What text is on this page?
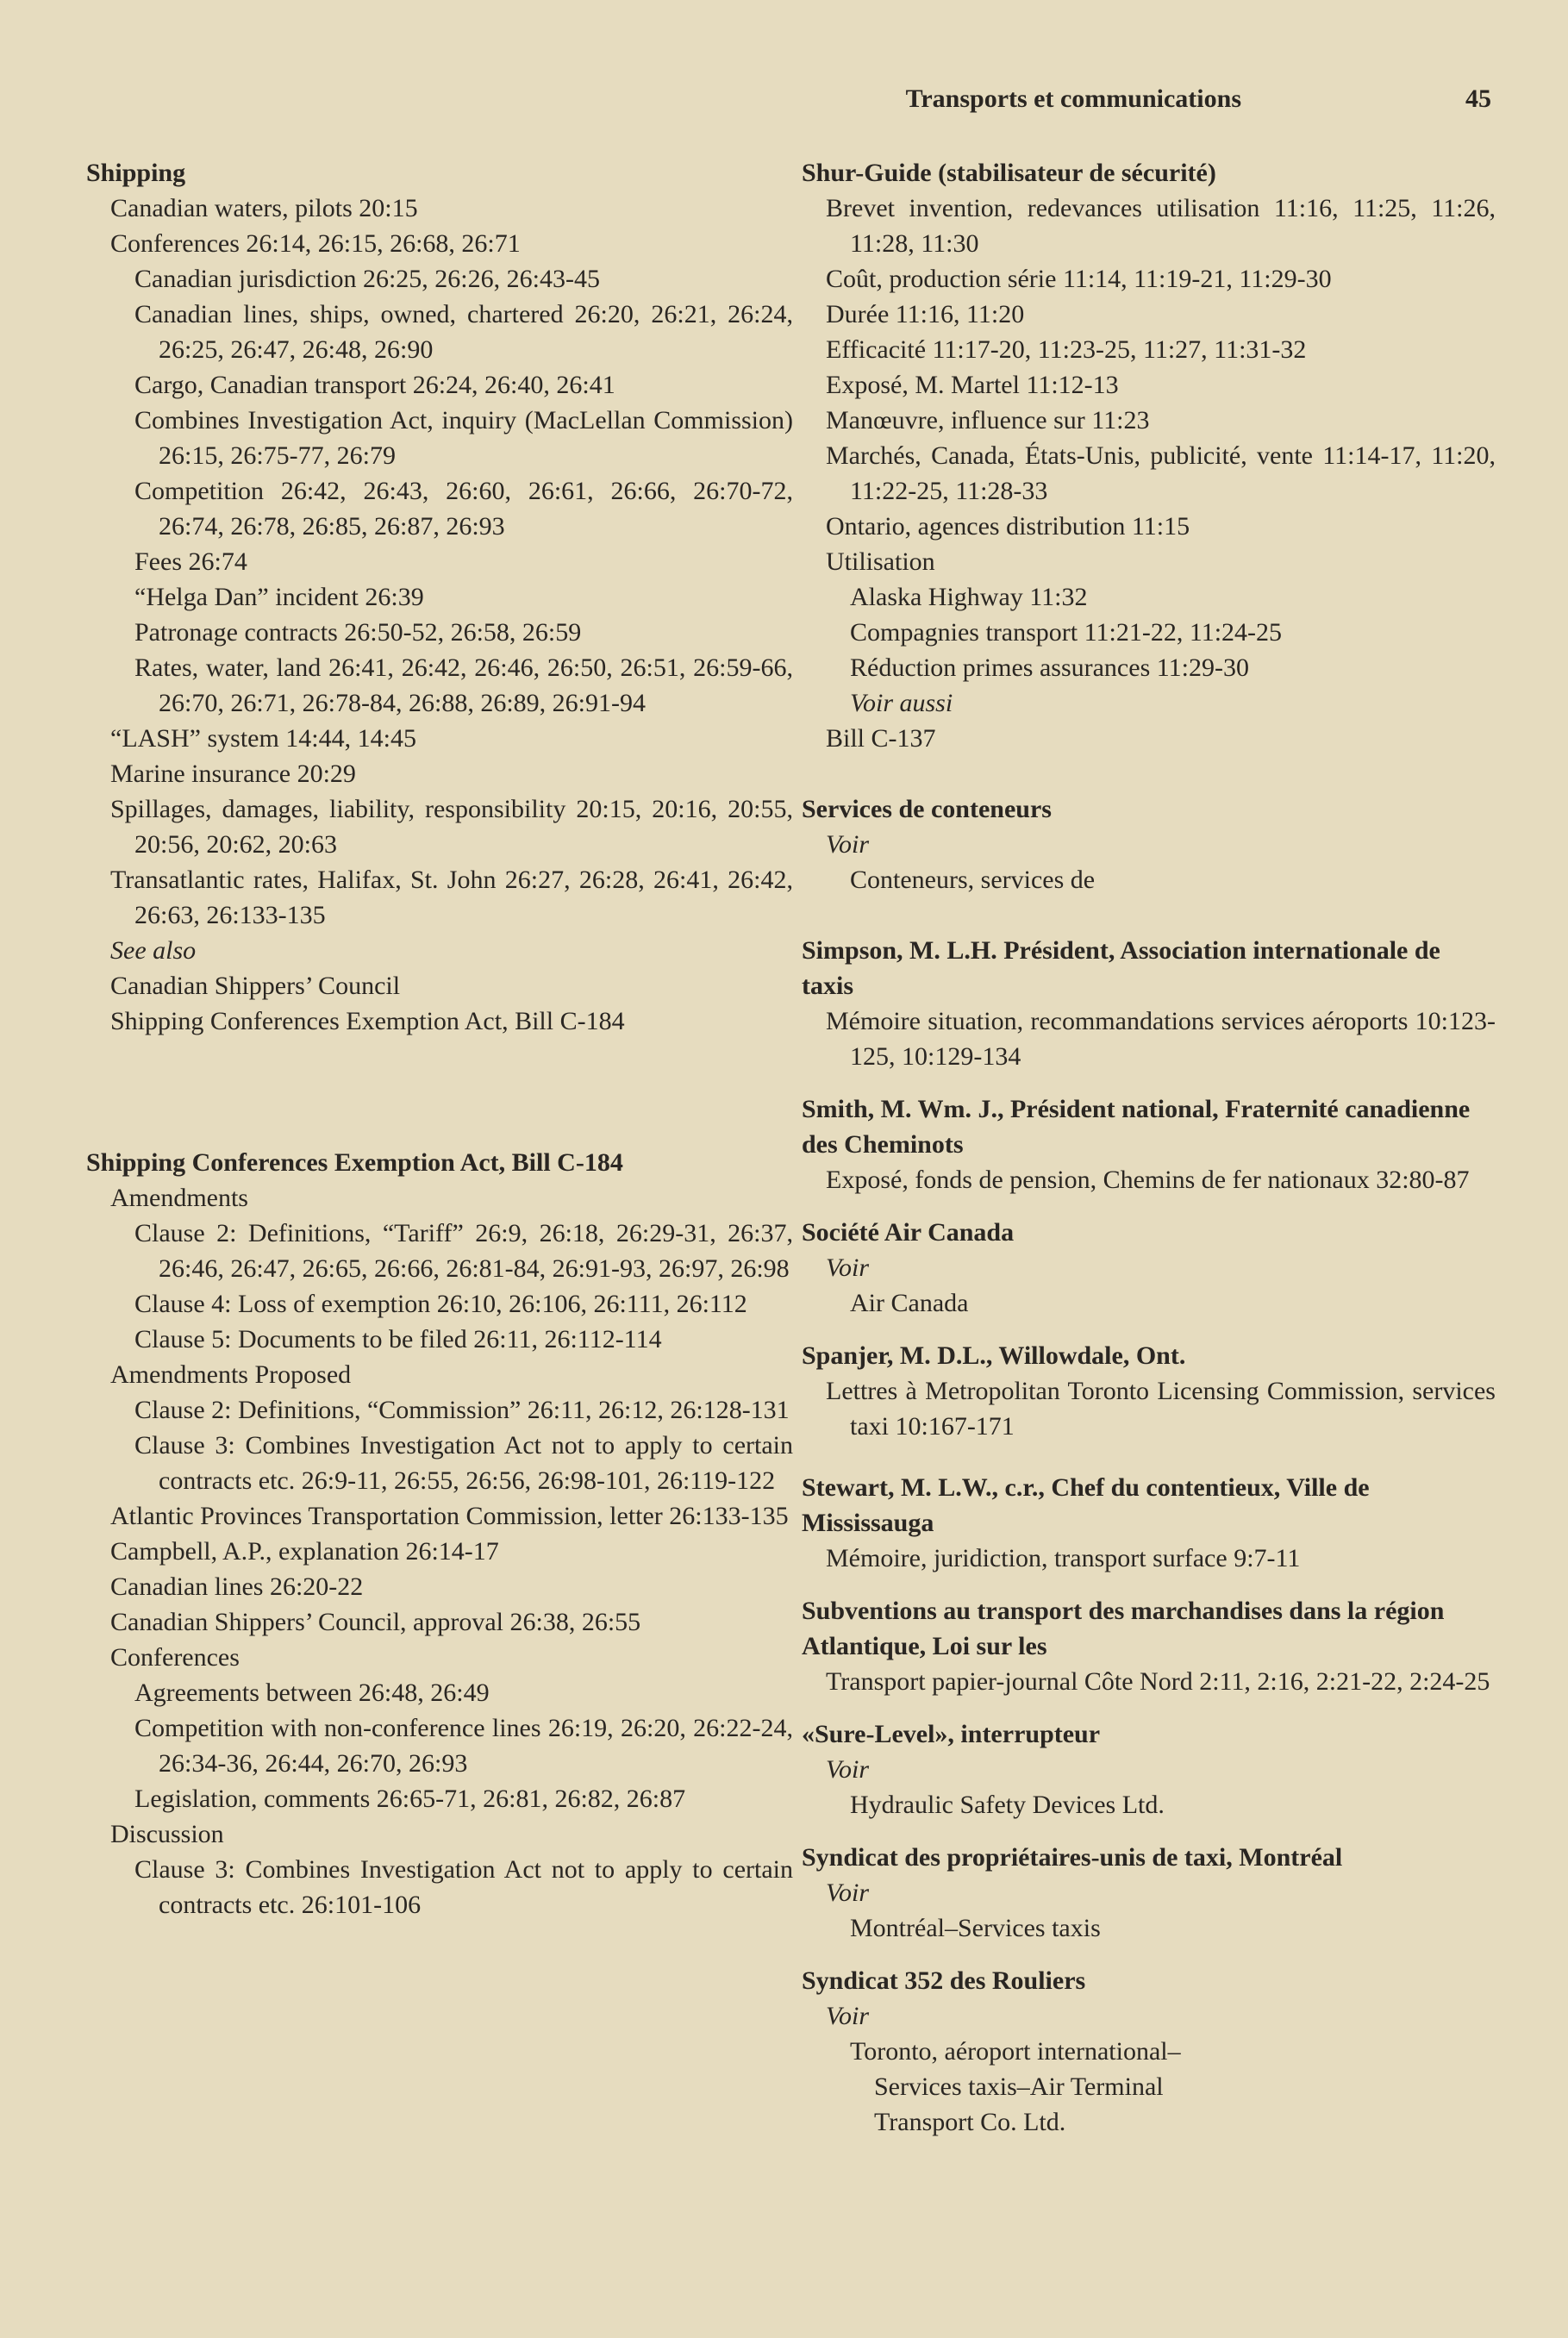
Transports et communications	45
Shipping
Canadian waters, pilots 20:15
Conferences 26:14, 26:15, 26:68, 26:71
Canadian jurisdiction 26:25, 26:26, 26:43-45
Canadian lines, ships, owned, chartered 26:20, 26:21, 26:24, 26:25, 26:47, 26:48, 26:90
Cargo, Canadian transport 26:24, 26:40, 26:41
Combines Investigation Act, inquiry (MacLellan Commission) 26:15, 26:75-77, 26:79
Competition 26:42, 26:43, 26:60, 26:61, 26:66, 26:70-72, 26:74, 26:78, 26:85, 26:87, 26:93
Fees 26:74
“Helga Dan” incident 26:39
Patronage contracts 26:50-52, 26:58, 26:59
Rates, water, land 26:41, 26:42, 26:46, 26:50, 26:51, 26:59-66, 26:70, 26:71, 26:78-84, 26:88, 26:89, 26:91-94
“LASH” system 14:44, 14:45
Marine insurance 20:29
Spillages, damages, liability, responsibility 20:15, 20:16, 20:55, 20:56, 20:62, 20:63
Transatlantic rates, Halifax, St. John 26:27, 26:28, 26:41, 26:42, 26:63, 26:133-135
See also
Canadian Shippers’ Council
Shipping Conferences Exemption Act, Bill C-184
Shipping Conferences Exemption Act, Bill C-184
Amendments
Clause 2: Definitions, “Tariff” 26:9, 26:18, 26:29-31, 26:37, 26:46, 26:47, 26:65, 26:66, 26:81-84, 26:91-93, 26:97, 26:98
Clause 4: Loss of exemption 26:10, 26:106, 26:111, 26:112
Clause 5: Documents to be filed 26:11, 26:112-114
Amendments Proposed
Clause 2: Definitions, “Commission” 26:11, 26:12, 26:128-131
Clause 3: Combines Investigation Act not to apply to certain contracts etc. 26:9-11, 26:55, 26:56, 26:98-101, 26:119-122
Atlantic Provinces Transportation Commission, letter 26:133-135
Campbell, A.P., explanation 26:14-17
Canadian lines 26:20-22
Canadian Shippers’ Council, approval 26:38, 26:55
Conferences
Agreements between 26:48, 26:49
Competition with non-conference lines 26:19, 26:20, 26:22-24, 26:34-36, 26:44, 26:70, 26:93
Legislation, comments 26:65-71, 26:81, 26:82, 26:87
Discussion
Clause 3: Combines Investigation Act not to apply to certain contracts etc. 26:101-106
Shur-Guide (stabilisateur de sécurité)
Brevet invention, redevances utilisation 11:16, 11:25, 11:26, 11:28, 11:30
Coût, production série 11:14, 11:19-21, 11:29-30
Durée 11:16, 11:20
Efficacité 11:17-20, 11:23-25, 11:27, 11:31-32
Exposé, M. Martel 11:12-13
Manœuvre, influence sur 11:23
Marchés, Canada, États-Unis, publicité, vente 11:14-17, 11:20, 11:22-25, 11:28-33
Ontario, agences distribution 11:15
Utilisation
Alaska Highway 11:32
Compagnies transport 11:21-22, 11:24-25
Réduction primes assurances 11:29-30
Voir aussi
Bill C-137
Services de conteneurs
Voir
Conteneurs, services de
Simpson, M. L.H. Président, Association internationale de taxis
Mémoire situation, recommandations services aéroports 10:123-125, 10:129-134
Smith, M. Wm. J., Président national, Fraternité canadienne des Cheminots
Exposé, fonds de pension, Chemins de fer nationaux 32:80-87
Société Air Canada
Voir
Air Canada
Spanjer, M. D.L., Willowdale, Ont.
Lettres à Metropolitan Toronto Licensing Commission, services taxi 10:167-171
Stewart, M. L.W., c.r., Chef du contentieux, Ville de Mississauga
Mémoire, juridiction, transport surface 9:7-11
Subventions au transport des marchandises dans la région Atlantique, Loi sur les
Transport papier-journal Côte Nord 2:11, 2:16, 2:21-22, 2:24-25
«Sure-Level», interrupteur
Voir
Hydraulic Safety Devices Ltd.
Syndicat des propriétaires-unis de taxi, Montréal
Voir
Montréal–Services taxis
Syndicat 352 des Rouliers
Voir
Toronto, aéroport international–
Services taxis–Air Terminal
Transport Co. Ltd.
